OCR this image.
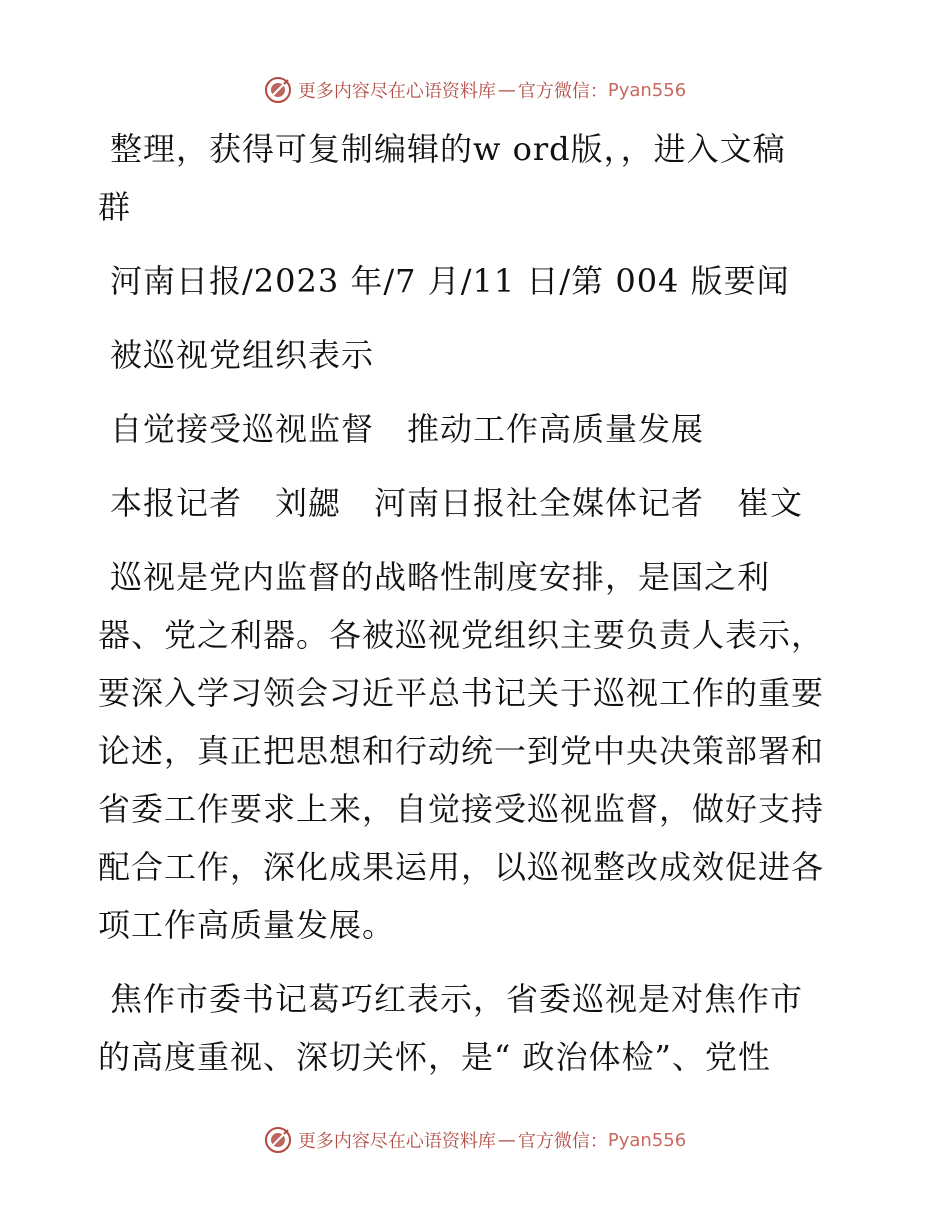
更多内容尽在心语资料库 — 官方微信： Pyan556
整理，获得可复制编辑的w ord版，，进入文稿
群
河南日报/2023 年/7 月/11 日/第 004 版要闻
被巡视党组织表示
自觉接受巡视监督　推动工作高质量发展
本报记者　刘勰　河南日报社全媒体记者　崔文
巡视是党内监督的战略性制度安排，是国之利
器、党之利器。各被巡视党组织主要负责人表示，
要深入学习领会习近平总书记关于巡视工作的重要
论述，真正把思想和行动统一到党中央决策部署和
省委工作要求上来，自觉接受巡视监督，做好支持
配合工作，深化成果运用，以巡视整改成效促进各
项工作高质量发展。
焦作市委书记葛巧红表示，省委巡视是对焦作市
的高度重视、深切关怀，是“ 政治体检”、党性
更多内容尽在心语资料库 — 官方微信： Pyan556
